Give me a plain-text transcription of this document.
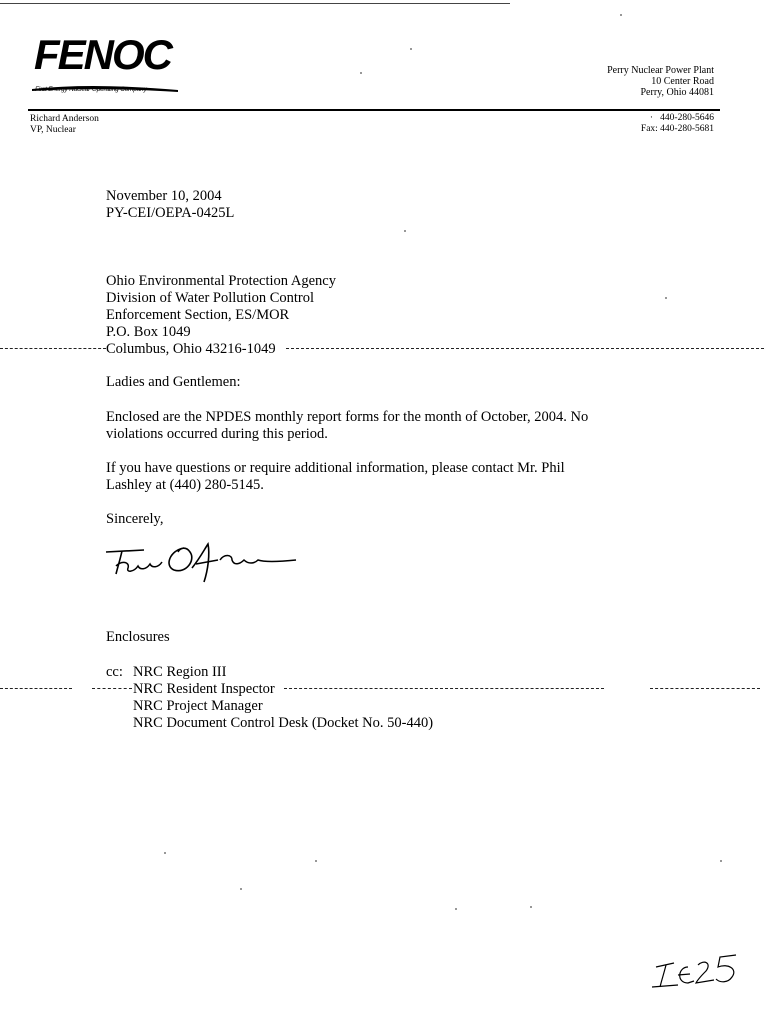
FENOC
First Energy Nuclear Operating Company
Perry Nuclear Power Plant
10 Center Road
Perry, Ohio 44081
Richard Anderson
VP, Nuclear
·   440-280-5646
Fax: 440-280-5681
November 10, 2004
PY-CEI/OEPA-0425L
Ohio Environmental Protection Agency
Division of Water Pollution Control
Enforcement Section, ES/MOR
P.O. Box 1049
Columbus, Ohio 43216-1049
Ladies and Gentlemen:
Enclosed are the NPDES monthly report forms for the month of October, 2004. No
violations occurred during this period.
If you have questions or require additional information, please contact Mr. Phil
Lashley at (440) 280-5145.
Sincerely,
Enclosures
cc: NRC Region III
NRC Resident Inspector
NRC Project Manager
NRC Document Control Desk (Docket No. 50-440)
